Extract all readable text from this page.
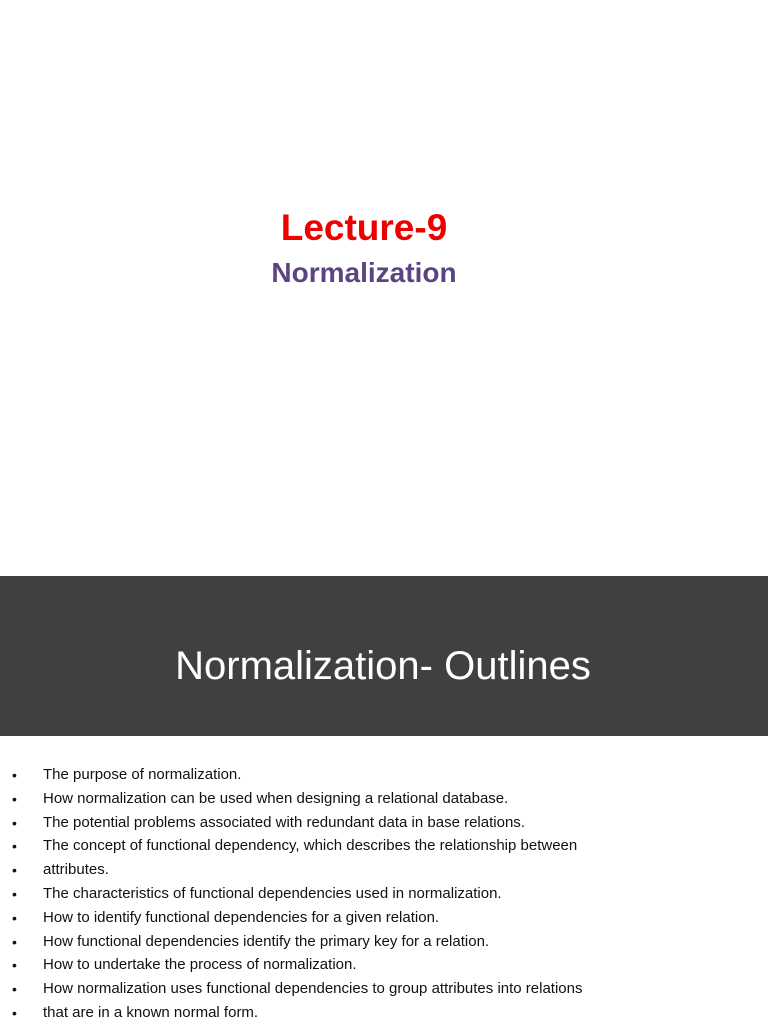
Lecture-9
Normalization
Normalization- Outlines
•	The purpose of normalization.
•	How normalization can be used when designing a relational database.
•	The potential problems associated with redundant data in base relations.
•	The concept of functional dependency, which describes the relationship between
•	attributes.
•	The characteristics of functional dependencies used in normalization.
•	How to identify functional dependencies for a given relation.
•	How functional dependencies identify the primary key for a relation.
•	How to undertake the process of normalization.
•	How normalization uses functional dependencies to group attributes into relations
•	that are in a known normal form.
